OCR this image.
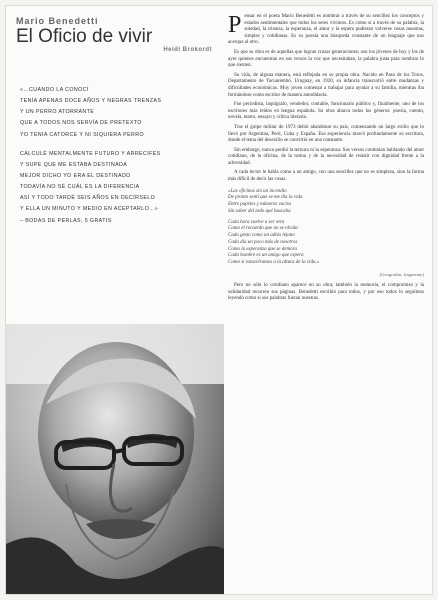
Mario Benedetti
El Oficio de vivir
Heidi Brokordt

«…CUANDO LA CONOCÍ

TENÍA APENAS DOCE AÑOS Y NEGRAS TRENZAS

Y UN PERRO ATORRANTE

QUE A TODOS NOS SERVÍA DE PRETEXTO

YO TENÍA CATORCE Y NI SIQUIERA PERRO

CALCULÉ MENTALMENTE FUTURO Y ARRECIFES

Y SUPE QUE ME ESTABA DESTINADA

MEJOR DICHO YO ERA EL DESTINADO

TODAVÍA NO SÉ CUÁL ES LA DIFERENCIA

ASÍ Y TODO TARDÉ SEIS AÑOS EN DECÍRSELO

Y ELLA UN MINUTO Y MEDIO EN ACEPTARLO…»

– BODAS DE PERLAS, 5 GRATIS

Pensar en el poeta Mario Benedetti es nombrar a través de su sencillez los conceptos y estados sentimentales que todos los seres vivimos. Es como si a través de su palabra, la soledad, la tristeza, la esperanza, el amor y la espera pudieran volverse cosas nuestras, simples y cotidianas. Es su poesía una búsqueda constante de un lenguaje que nos acerque al otro.

Es que su obra es de aquellas que logran cruzar generaciones; son los jóvenes de hoy y los de ayer quienes encuentran en sus versos la voz que necesitaban, la palabra justa para nombrar lo que sienten.

Su vida, de alguna manera, está reflejada en su propia obra. Nacido en Paso de los Toros, Departamento de Tacuarembó, Uruguay, en 1920, su infancia transcurrió entre mudanzas y dificultades económicas. Muy joven comenzó a trabajar para ayudar a su familia, mientras iba formándose como escritor de manera autodidacta.

Fue periodista, taquígrafo, vendedor, contable, funcionario público y, finalmente, uno de los escritores más leídos en lengua española. Su obra abarca todos los géneros: poesía, cuento, novela, teatro, ensayo y crítica literaria.

Tras el golpe militar de 1973 debió abandonar su país, comenzando un largo exilio que lo llevó por Argentina, Perú, Cuba y España. Esa experiencia marcó profundamente su escritura, donde el tema del desexilio se convirtió en una constante.

Sin embargo, nunca perdió la ternura ni la esperanza. Sus versos continúan hablando del amor cotidiano, de la oficina, de la rutina y de la necesidad de resistir con dignidad frente a la adversidad.

A cada lector le habla como a un amigo, con una sencillez que no es simpleza, sino la forma más difícil de decir las cosas.

«Las oficinas sin un incendio
De pronto sentí que se me iba la vida
Entre papeles y números vacíos
Sin saber del todo qué buscaba
Cada hora vuelve a ser otra
Como el recuerdo que no se olvida
Cada gesto como un adiós lejano
Cada día un poco más de nosotros
Como la esperanza que se demora
Cada hombre es un amigo que espera
Como si estuviéramos a la altura de la vida.»
(Geografías, fragmento)

Pero no sólo lo cotidiano aparece en su obra; también la memoria, el compromiso y la solidaridad recorren sus páginas. Benedetti escribió para todos, y por eso todos lo seguimos leyendo como si sus palabras fueran nuestras.
